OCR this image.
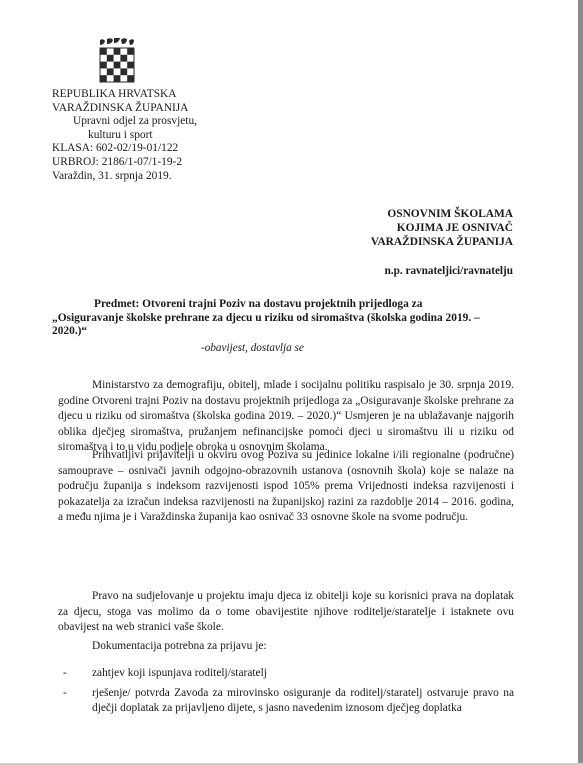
REPUBLIKA HRVATSKA
VARAŽDINSKA ŽUPANIJA
Upravni odjel za prosvjetu,
kulturu i sport
KLASA: 602-02/19-01/122
URBROJ: 2186/1-07/1-19-2
Varaždin, 31. srpnja 2019.
OSNOVNIM ŠKOLAMA
KOJIMA JE OSNIVAČ
VARAŽDINSKA ŽUPANIJA
n.p. ravnateljici/ravnatelju
Predmet: Otvoreni trajni Poziv na dostavu projektnih prijedloga za
„Osiguravanje školske prehrane za djecu u riziku od siromaštva (školska godina 2019. – 2020.)“
-obavijest, dostavlja se

Ministarstvo za demografiju, obitelj, mlade i socijalnu politiku raspisalo je 30. srpnja 2019. godine Otvoreni trajni Poziv na dostavu projektnih prijedloga za „Osiguravanje školske prehrane za djecu u riziku od siromaštva (školska godina 2019. – 2020.)“ Usmjeren je na ublažavanje najgorih oblika dječjeg siromaštva, pružanjem nefinancijske pomoći djeci u siromaštvu ili u riziku od siromaštva i to u vidu podjele obroka u osnovnim školama.

Prihvatljivi prijavitelji u okviru ovog Poziva su jedinice lokalne i/ili regionalne (područne) samouprave – osnivači javnih odgojno-obrazovnih ustanova (osnovnih škola) koje se nalaze na području županija s indeksom razvijenosti ispod 105% prema Vrijednosti indeksa razvijenosti i pokazatelja za izračun indeksa razvijenosti na županijskoj razini za razdoblje 2014 – 2016. godina, a među njima je i Varaždinska županija kao osnivač 33 osnovne škole na svome području.

Pravo na sudjelovanje u projektu imaju djeca iz obitelji koje su korisnici prava na doplatak za djecu, stoga vas molimo da o tome obavijestite njihove roditelje/staratelje i istaknete ovu obavijest na web stranici vaše škole.

Dokumentacija potrebna za prijavu je:

- zahtjev koji ispunjava roditelj/staratelj
- rješenje/ potvrda Zavoda za mirovinsko osiguranje da roditelj/staratelj ostvaruje pravo na dječji doplatak za prijavljeno dijete, s jasno navedenim iznosom dječjeg doplatka
